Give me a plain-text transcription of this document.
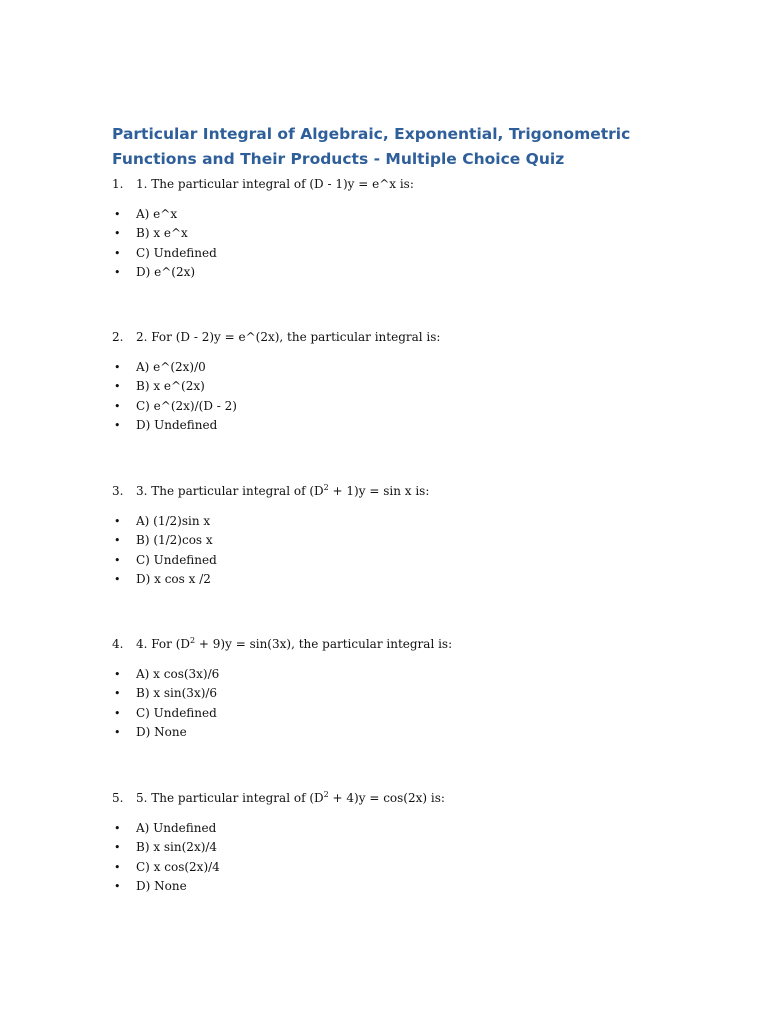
Particular Integral of Algebraic, Exponential, Trigonometric Functions and Their Products - Multiple Choice Quiz
1. 1. The particular integral of (D - 1)y = e^x is:
• A) e^x
• B) x e^x
• C) Undefined
• D) e^(2x)
2. 2. For (D - 2)y = e^(2x), the particular integral is:
• A) e^(2x)/0
• B) x e^(2x)
• C) e^(2x)/(D - 2)
• D) Undefined
3. 3. The particular integral of $(D^2 + 1)y = \sin x$ is:
• A) (1/2)sin x
• B) (1/2)cos x
• C) Undefined
• D) x cos x /2
4. 4. For $(D^2 + 9)y = \sin(3x)$, the particular integral is:
• A) x cos(3x)/6
• B) x sin(3x)/6
• C) Undefined
• D) None
5. 5. The particular integral of $(D^2 + 4)y = \cos(2x)$ is:
• A) Undefined
• B) x sin(2x)/4
• C) x cos(2x)/4
• D) None
